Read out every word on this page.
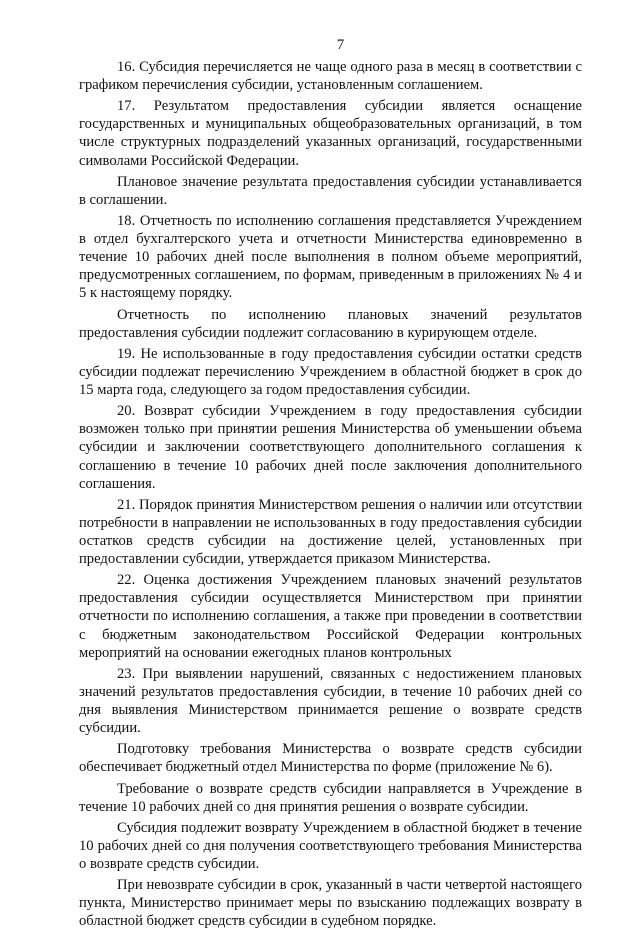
7

16. Субсидия перечисляется не чаще одного раза в месяц в соответствии с графиком перечисления субсидии, установленным соглашением.

17. Результатом предоставления субсидии является оснащение государственных и муниципальных общеобразовательных организаций, в том числе структурных подразделений указанных организаций, государственными символами Российской Федерации.

Плановое значение результата предоставления субсидии устанавливается в соглашении.

18. Отчетность по исполнению соглашения представляется Учреждением в отдел бухгалтерского учета и отчетности Министерства единовременно в течение 10 рабочих дней после выполнения в полном объеме мероприятий, предусмотренных соглашением, по формам, приведенным в приложениях № 4 и 5 к настоящему порядку.

Отчетность по исполнению плановых значений результатов предоставления субсидии подлежит согласованию в курирующем отделе.

19. Не использованные в году предоставления субсидии остатки средств субсидии подлежат перечислению Учреждением в областной бюджет в срок до 15 марта года, следующего за годом предоставления субсидии.

20. Возврат субсидии Учреждением в году предоставления субсидии возможен только при принятии решения Министерства об уменьшении объема субсидии и заключении соответствующего дополнительного соглашения к соглашению в течение 10 рабочих дней после заключения дополнительного соглашения.

21. Порядок принятия Министерством решения о наличии или отсутствии потребности в направлении не использованных в году предоставления субсидии остатков средств субсидии на достижение целей, установленных при предоставлении субсидии, утверждается приказом Министерства.

22. Оценка достижения Учреждением плановых значений результатов предоставления субсидии осуществляется Министерством при принятии отчетности по исполнению соглашения, а также при проведении в соответствии с бюджетным законодательством Российской Федерации контрольных мероприятий на основании ежегодных планов контрольных

23. При выявлении нарушений, связанных с недостижением плановых значений результатов предоставления субсидии, в течение 10 рабочих дней со дня выявления Министерством принимается решение о возврате средств субсидии.

Подготовку требования Министерства о возврате средств субсидии обеспечивает бюджетный отдел Министерства по форме (приложение № 6).

Требование о возврате средств субсидии направляется в Учреждение в течение 10 рабочих дней со дня принятия решения о возврате субсидии.

Субсидия подлежит возврату Учреждением в областной бюджет в течение 10 рабочих дней со дня получения соответствующего требования Министерства о возврате средств субсидии.

При невозврате субсидии в срок, указанный в части четвертой настоящего пункта, Министерство принимает меры по взысканию подлежащих возврату в областной бюджет средств субсидии в судебном порядке.
